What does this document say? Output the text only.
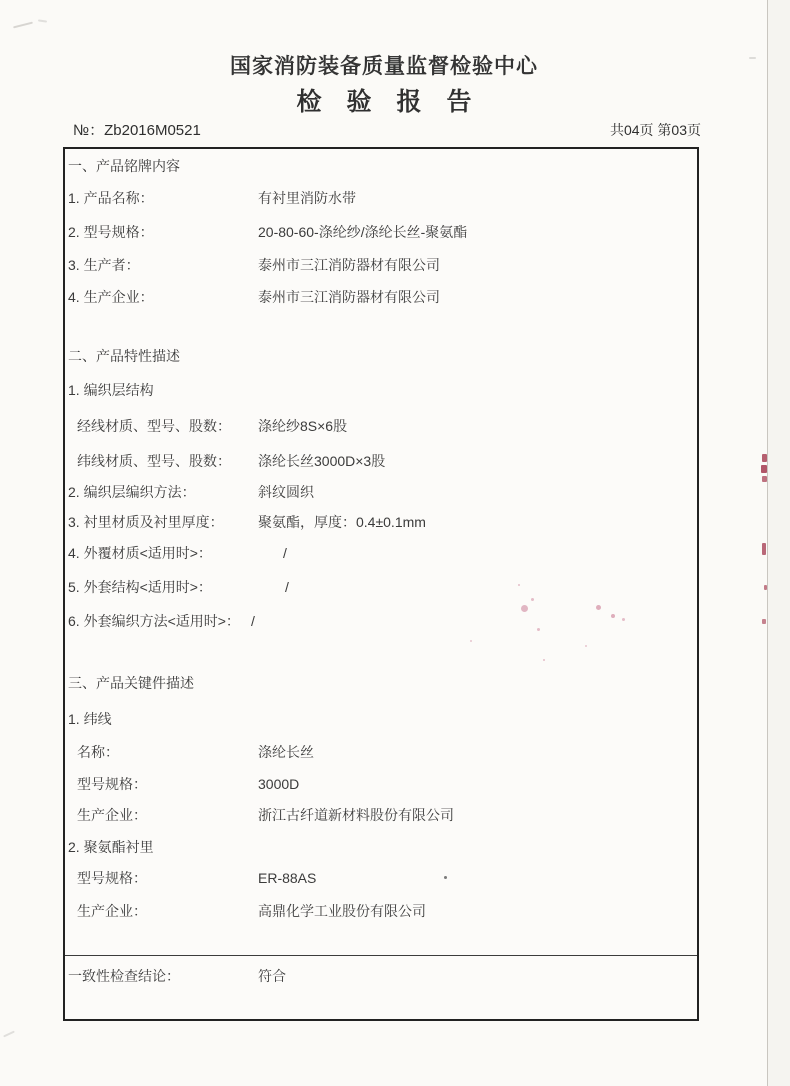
国家消防装备质量监督检验中心
检　验　报　告
№：Zb2016M0521	共04页 第03页
一、产品铭牌内容
1. 产品名称：	有衬里消防水带
2. 型号规格：	20-80-60-涤纶纱/涤纶长丝-聚氨酯
3. 生产者：	泰州市三江消防器材有限公司
4. 生产企业：	泰州市三江消防器材有限公司
二、产品特性描述
1. 编织层结构
经线材质、型号、股数： 涤纶纱8S×6股
纬线材质、型号、股数： 涤纶长丝3000D×3股
2. 编织层编织方法：	斜纹圆织
3. 衬里材质及衬里厚度： 聚氨酯，厚度：0.4±0.1mm
4. 外覆材质<适用时>：	/
5. 外套结构<适用时>：	/
6. 外套编织方法<适用时>： /
三、产品关键件描述
1. 纬线
名称：	涤纶长丝
型号规格：	3000D
生产企业：	浙江古纤道新材料股份有限公司
2. 聚氨酯衬里
型号规格：	ER-88AS
生产企业：	高鼎化学工业股份有限公司
一致性检查结论：	符合
